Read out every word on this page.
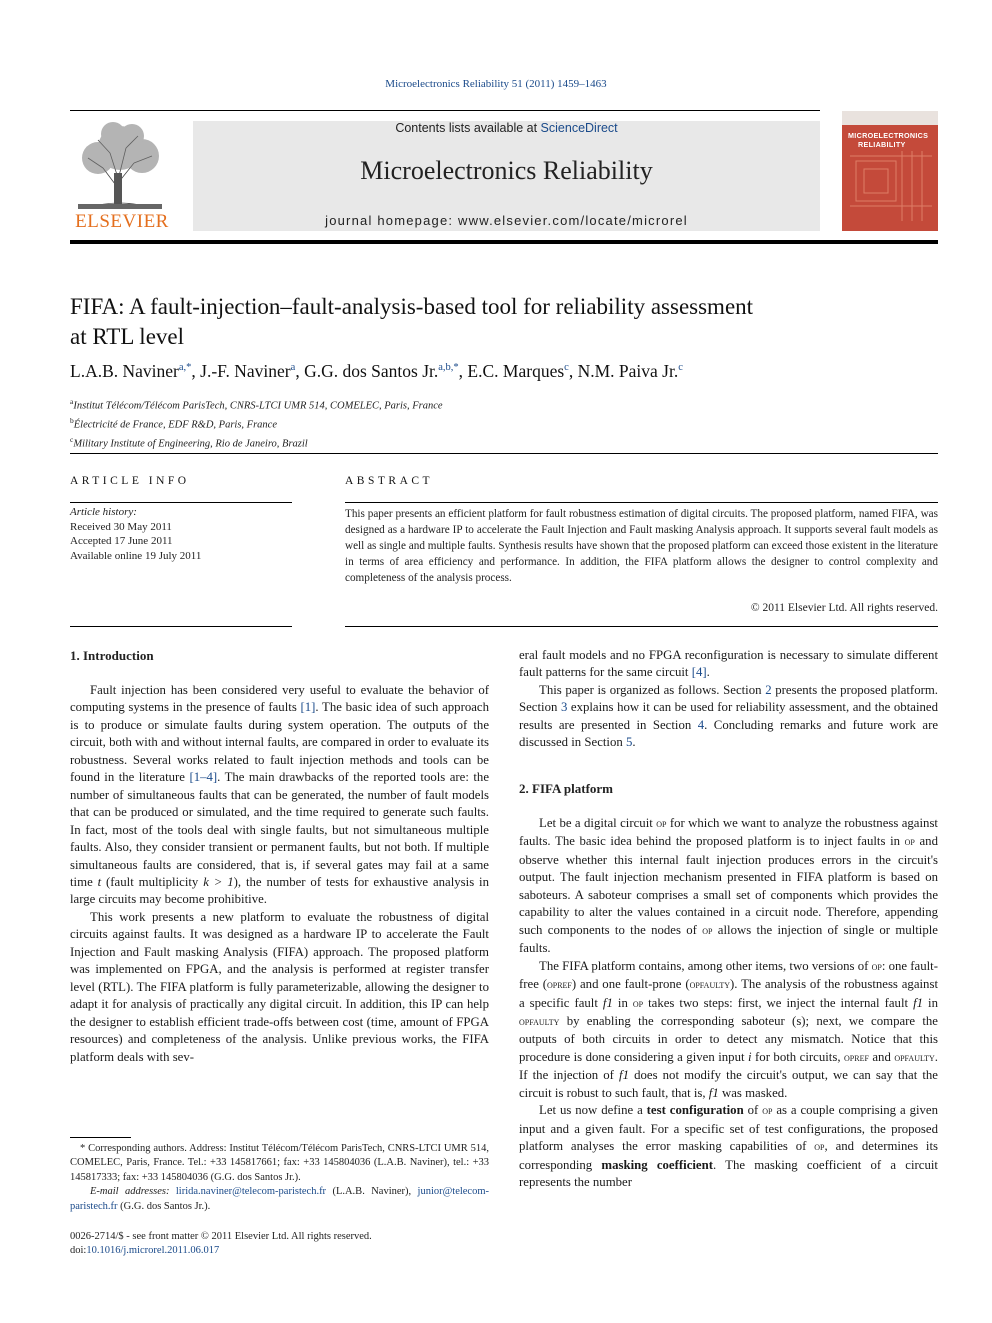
Microelectronics Reliability 51 (2011) 1459–1463
ELSEVIER
Contents lists available at ScienceDirect
Microelectronics Reliability
journal homepage: www.elsevier.com/locate/microrel
MICROELECTRONICS
RELIABILITY
FIFA: A fault-injection–fault-analysis-based tool for reliability assessment
at RTL level
L.A.B. Naviner$^{a,*}$, J.-F. Naviner$^a$, G.G. dos Santos Jr.$^{a,b,*}$, E.C. Marques$^c$, N.M. Paiva Jr.$^c$
$^a$Institut Télécom/Télécom ParisTech, CNRS-LTCI UMR 514, COMELEC, Paris, France
$^b$Électricité de France, EDF R&D, Paris, France
$^c$Military Institute of Engineering, Rio de Janeiro, Brazil
ARTICLE INFO
Article history:
Received 30 May 2011
Accepted 17 June 2011
Available online 19 July 2011
ABSTRACT
This paper presents an efficient platform for fault robustness estimation of digital circuits. The proposed platform, named FIFA, was designed as a hardware IP to accelerate the Fault Injection and Fault masking Analysis approach. It supports several fault models as well as single and multiple faults. Synthesis results have shown that the proposed platform can exceed those existent in the literature in terms of area efficiency and performance. In addition, the FIFA platform allows the designer to control complexity and completeness of the analysis process.
© 2011 Elsevier Ltd. All rights reserved.
1. Introduction

Fault injection has been considered very useful to evaluate the behavior of computing systems in the presence of faults [1]. The basic idea of such approach is to produce or simulate faults during system operation. The outputs of the circuit, both with and without internal faults, are compared in order to evaluate its robustness. Several works related to fault injection methods and tools can be found in the literature [1–4]. The main drawbacks of the reported tools are: the number of simultaneous faults that can be generated, the number of fault models that can be produced or simulated, and the time required to generate such faults. In fact, most of the tools deal with single faults, but not simultaneous multiple faults. Also, they consider transient or permanent faults, but not both. If multiple simultaneous faults are considered, that is, if several gates may fail at a same time t (fault multiplicity k > 1), the number of tests for exhaustive analysis in large circuits may become prohibitive.

This work presents a new platform to evaluate the robustness of digital circuits against faults. It was designed as a hardware IP to accelerate the Fault Injection and Fault masking Analysis (FIFA) approach. The proposed platform was implemented on FPGA, and the analysis is performed at register transfer level (RTL). The FIFA platform is fully parameterizable, allowing the designer to adapt it for analysis of practically any digital circuit. In addition, this IP can help the designer to establish efficient trade-offs between cost (time, amount of FPGA resources) and completeness of the analysis. Unlike previous works, the FIFA platform deals with sev-

* Corresponding authors. Address: Institut Télécom/Télécom ParisTech, CNRS-LTCI UMR 514, COMELEC, Paris, France. Tel.: +33 145817661; fax: +33 145804036 (L.A.B. Naviner), tel.: +33 145817333; fax: +33 145804036 (G.G. dos Santos Jr.).

E-mail addresses: lirida.naviner@telecom-paristech.fr (L.A.B. Naviner), junior@telecom-paristech.fr (G.G. dos Santos Jr.).

0026-2714/$ - see front matter © 2011 Elsevier Ltd. All rights reserved.
doi:10.1016/j.microrel.2011.06.017

eral fault models and no FPGA reconfiguration is necessary to simulate different fault patterns for the same circuit [4].

This paper is organized as follows. Section 2 presents the proposed platform. Section 3 explains how it can be used for reliability assessment, and the obtained results are presented in Section 4. Concluding remarks and future work are discussed in Section 5.

2. FIFA platform

Let be a digital circuit op for which we want to analyze the robustness against faults. The basic idea behind the proposed platform is to inject faults in op and observe whether this internal fault injection produces errors in the circuit's output. The fault injection mechanism presented in FIFA platform is based on saboteurs. A saboteur comprises a small set of components which provides the capability to alter the values contained in a circuit node. Therefore, appending such components to the nodes of op allows the injection of single or multiple faults.

The FIFA platform contains, among other items, two versions of op: one fault-free (opref) and one fault-prone (opfaulty). The analysis of the robustness against a specific fault f1 in op takes two steps: first, we inject the internal fault f1 in opfaulty by enabling the corresponding saboteur (s); next, we compare the outputs of both circuits in order to detect any mismatch. Notice that this procedure is done considering a given input i for both circuits, opref and opfaulty. If the injection of f1 does not modify the circuit's output, we can say that the circuit is robust to such fault, that is, f1 was masked.

Let us now define a test configuration of op as a couple comprising a given input and a given fault. For a specific set of test configurations, the proposed platform analyses the error masking capabilities of op, and determines its corresponding masking coefficient. The masking coefficient of a circuit represents the number
